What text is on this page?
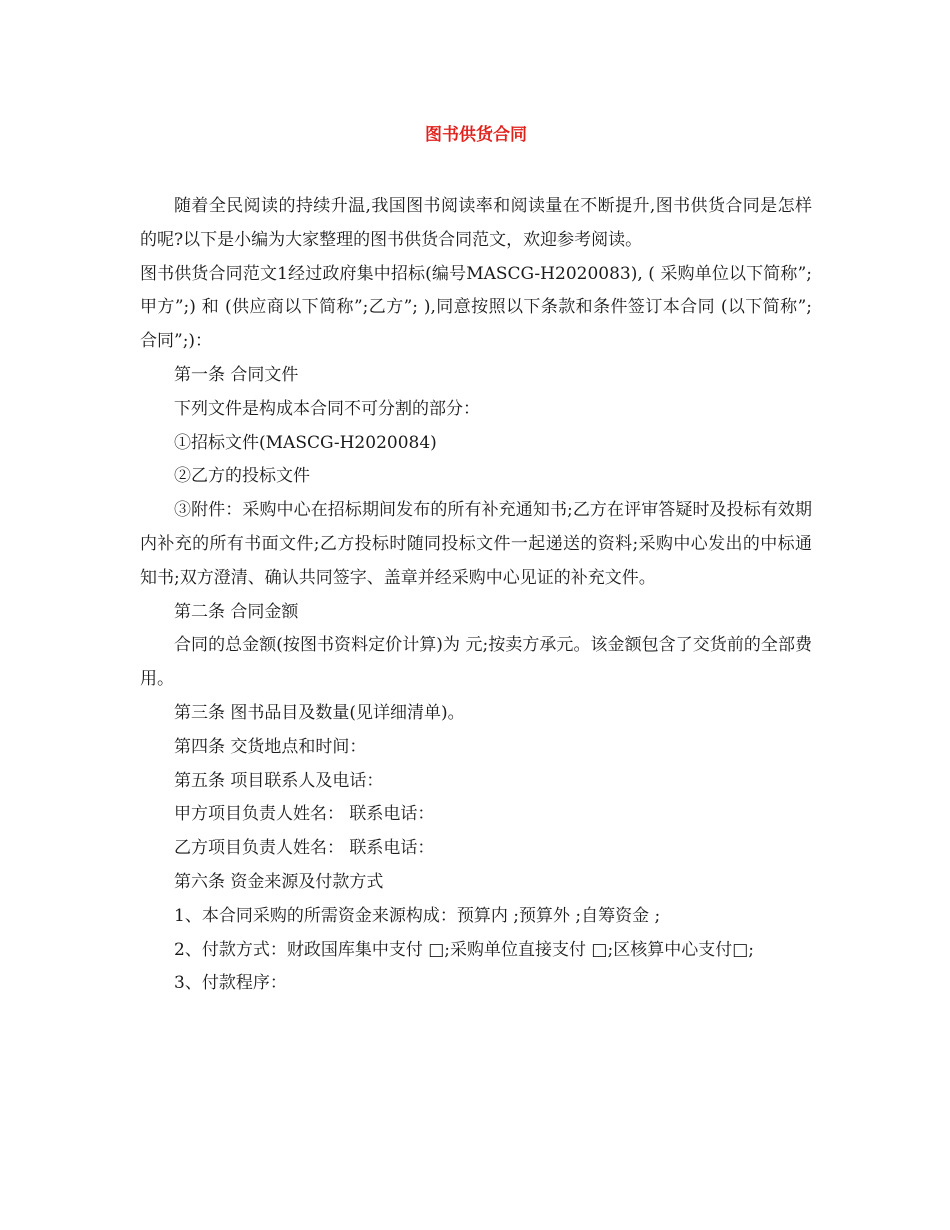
图书供货合同

随着全民阅读的持续升温,我国图书阅读率和阅读量在不断提升,图书供货合同是怎样的呢?以下是小编为大家整理的图书供货合同范文，欢迎参考阅读。

图书供货合同范文1经过政府集中招标(编号MASCG-H2020083), ( 采购单位以下简称”;甲方”;) 和 (供应商以下简称”;乙方”; ),同意按照以下条款和条件签订本合同 (以下简称”;合同”;)：

第一条 合同文件

下列文件是构成本合同不可分割的部分：

①招标文件(MASCG-H2020084)

②乙方的投标文件

③附件：采购中心在招标期间发布的所有补充通知书;乙方在评审答疑时及投标有效期内补充的所有书面文件;乙方投标时随同投标文件一起递送的资料;采购中心发出的中标通知书;双方澄清、确认共同签字、盖章并经采购中心见证的补充文件。

第二条 合同金额

合同的总金额(按图书资料定价计算)为 元;按卖方承元。该金额包含了交货前的全部费用。

第三条 图书品目及数量(见详细清单)。

第四条 交货地点和时间：

第五条 项目联系人及电话：

甲方项目负责人姓名： 联系电话：

乙方项目负责人姓名： 联系电话：

第六条 资金来源及付款方式

1、本合同采购的所需资金来源构成：预算内 ;预算外 ;自筹资金 ;

2、付款方式：财政国库集中支付 □;采购单位直接支付 □;区核算中心支付□;

3、付款程序：
